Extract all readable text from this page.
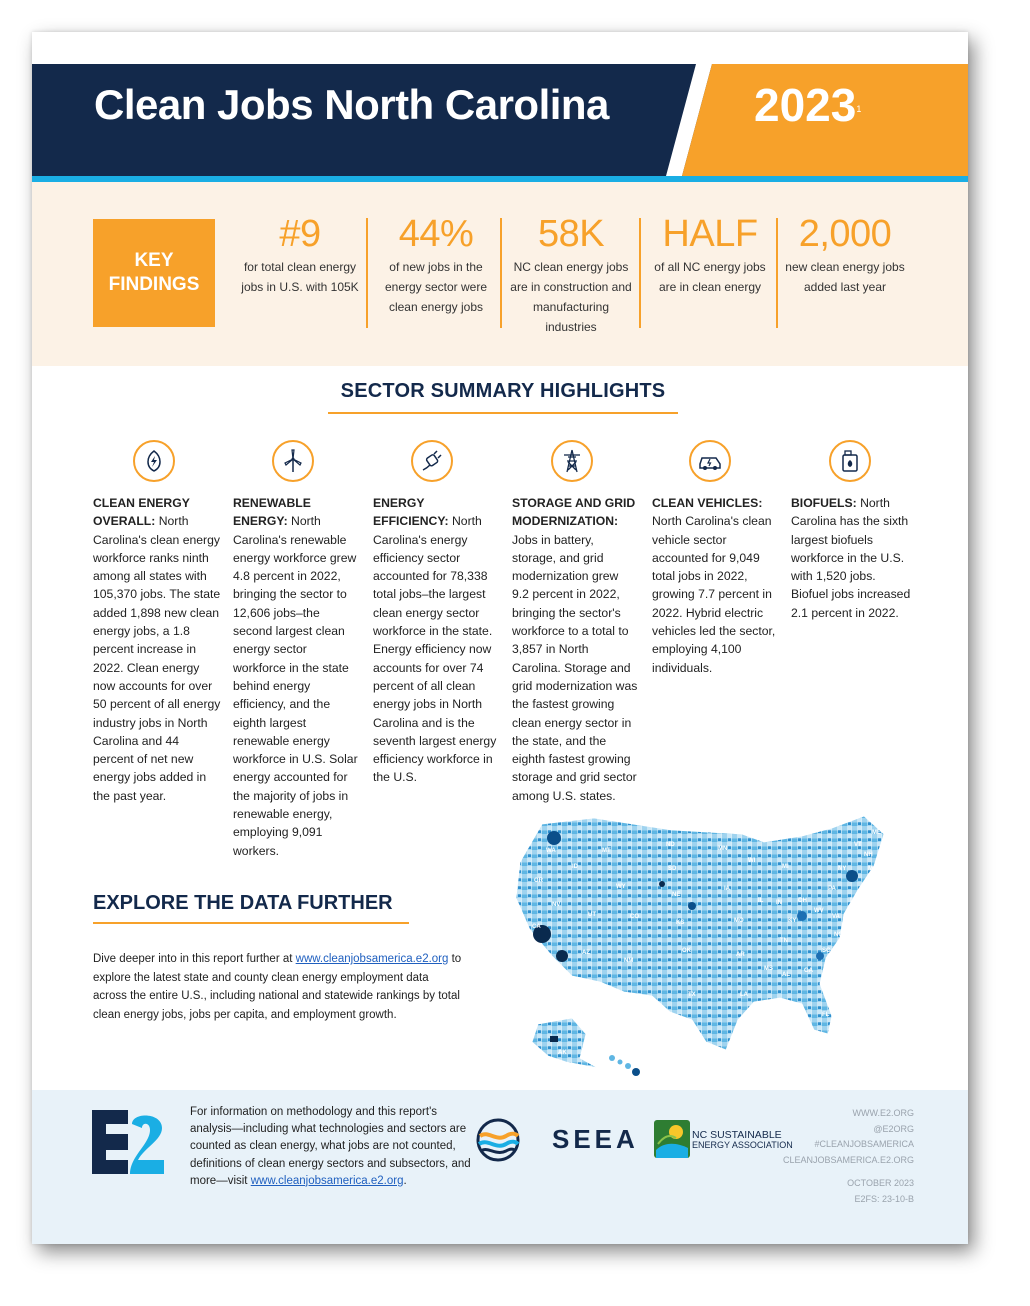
Clean Jobs North Carolina	2023$^1$
KEY
FINDINGS
#9
for total clean energy
jobs in U.S. with 105K
44%
of new jobs in the
energy sector were
clean energy jobs
58K
NC clean energy jobs
are in construction and
manufacturing industries
HALF
of all NC energy jobs
are in clean energy
2,000
new clean energy jobs
added last year
SECTOR SUMMARY HIGHLIGHTS
CLEAN ENERGY OVERALL: North Carolina's clean energy workforce ranks ninth among all states with 105,370 jobs. The state added 1,898 new clean energy jobs, a 1.8 percent increase in 2022. Clean energy now accounts for over 50 percent of all energy industry jobs in North Carolina and 44 percent of net new energy jobs added in the past year.
RENEWABLE ENERGY: North Carolina's renewable energy workforce grew 4.8 percent in 2022, bringing the sector to 12,606 jobs–the second largest clean energy sector workforce in the state behind energy efficiency, and the eighth largest renewable energy workforce in U.S. Solar energy accounted for the majority of jobs in renewable energy, employing 9,091 workers.
ENERGY EFFICIENCY: North Carolina's energy efficiency sector accounted for 78,338 total jobs–the largest clean energy sector workforce in the state. Energy efficiency now accounts for over 74 percent of all clean energy jobs in North Carolina and is the seventh largest energy efficiency workforce in the U.S.
STORAGE AND GRID MODERNIZATION: Jobs in battery, storage, and grid modernization grew 9.2 percent in 2022, bringing the sector's workforce to a total to 3,857 in North Carolina. Storage and grid modernization was the fastest growing clean energy sector in the state, and the eighth fastest growing storage and grid sector among U.S. states.
CLEAN VEHICLES: North Carolina's clean vehicle sector accounted for 9,049 total jobs in 2022, growing 7.7 percent in 2022. Hybrid electric vehicles led the sector, employing 4,100 individuals.
BIOFUELS: North Carolina has the sixth largest biofuels workforce in the U.S. with 1,520 jobs. Biofuel jobs increased 2.1 percent in 2022.
EXPLORE THE DATA FURTHER
Dive deeper into in this report further at www.cleanjobsamerica.e2.org to explore the latest state and county clean energy employment data across the entire U.S., including national and statewide rankings by total clean energy jobs, jobs per capita, and employment growth.
WA
OR
CA
NV
ID
MT
WY
UT
AZ
CO
NM
ND
SD
NE
KS
OK
TX
MN
IA
MO
AR
LA
WI
IL
MI
IN	OH
KY
TN
MS
AL
GA
FL
SC
NC
VA
WV
PA
NY
VT
NH
ME
MA
DE
AK	HI
For information on methodology and this report's analysis—including what technologies and sectors are counted as clean energy, what jobs are not counted, definitions of clean energy sectors and subsectors, and more—visit www.cleanjobsamerica.e2.org.
SEEA	NC SUSTAINABLE
ENERGY ASSOCIATION
WWW.E2.ORG
@E2ORG
#CLEANJOBSAMERICA
CLEANJOBSAMERICA.E2.ORG
OCTOBER 2023
E2FS: 23-10-B
